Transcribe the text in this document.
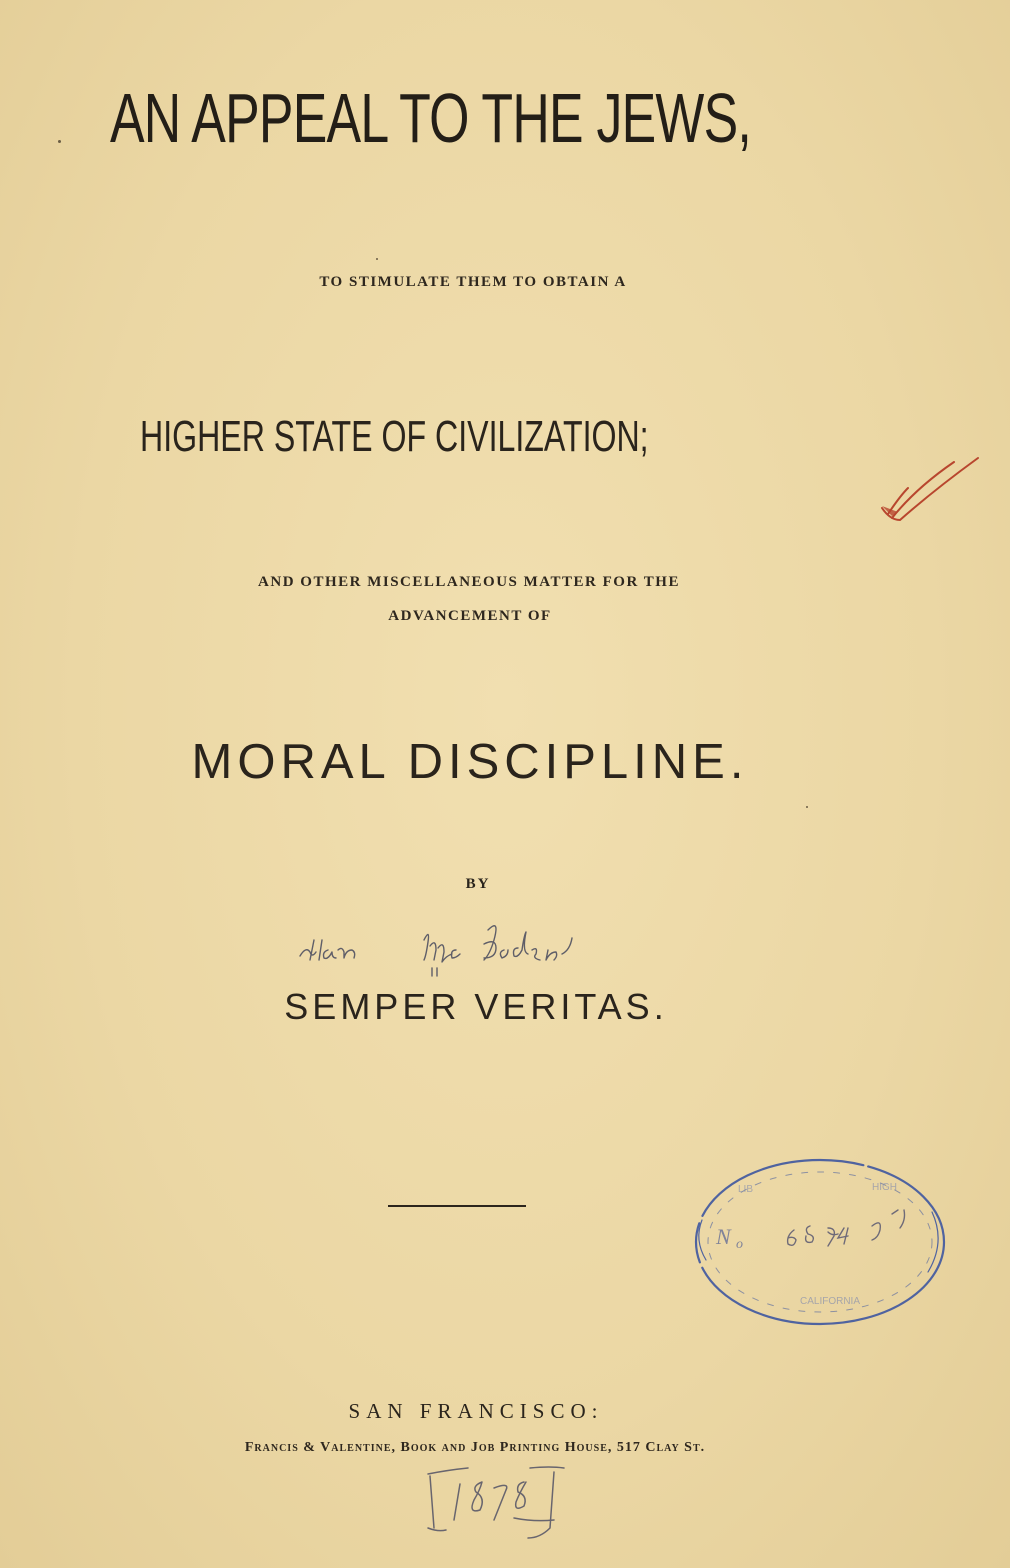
AN APPEAL TO THE JEWS,
TO STIMULATE THEM TO OBTAIN A
HIGHER STATE OF CIVILIZATION;
AND OTHER MISCELLANEOUS MATTER FOR THE
ADVANCEMENT OF
MORAL DISCIPLINE.
BY
SEMPER VERITAS.
N o
LIB	HIGH
CALIFORNIA
SAN FRANCISCO:
Francis & Valentine, Book and Job Printing House, 517 Clay St.
